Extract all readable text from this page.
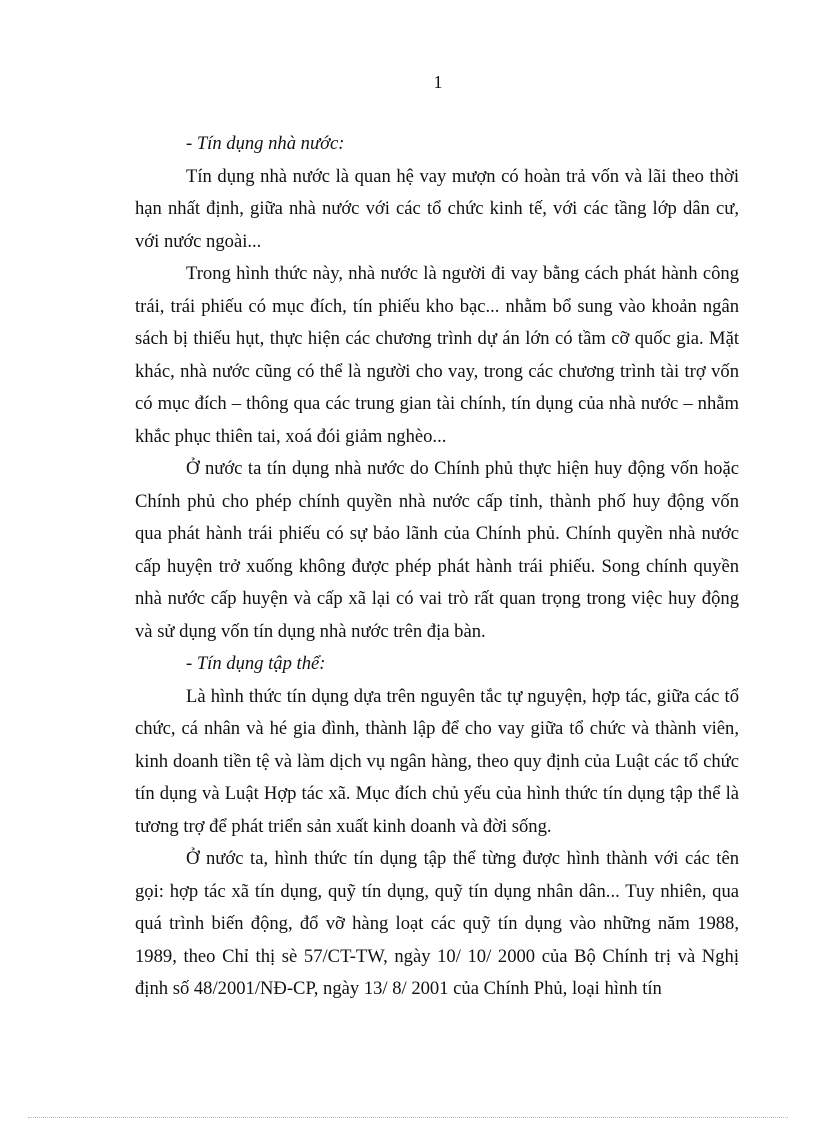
1

- Tín dụng nhà nước:

Tín dụng nhà nước là quan hệ vay mượn có hoàn trả vốn và lãi theo thời hạn nhất định, giữa nhà nước với các tổ chức kinh tế, với các tầng lớp dân cư, với nước ngoài...

Trong hình thức này, nhà nước là người đi vay bằng cách phát hành công trái, trái phiếu có mục đích, tín phiếu kho bạc... nhằm bổ sung vào khoản ngân sách bị thiếu hụt, thực hiện các chương trình dự án lớn có tầm cỡ quốc gia. Mặt khác, nhà nước cũng có thể là người cho vay, trong các chương trình tài trợ vốn có mục đích – thông qua các trung gian tài chính, tín dụng của nhà nước – nhằm khắc phục thiên tai, xoá đói giảm nghèo...

Ở nước ta tín dụng nhà nước do Chính phủ thực hiện huy động vốn hoặc Chính phủ cho phép chính quyền nhà nước cấp tỉnh, thành phố huy động vốn qua phát hành trái phiếu có sự bảo lãnh của Chính phủ. Chính quyền nhà nước cấp huyện trở xuống không được phép phát hành trái phiếu. Song chính quyền nhà nước cấp huyện và cấp xã lại có vai trò rất quan trọng trong việc huy động và sử dụng vốn tín dụng nhà nước trên địa bàn.

- Tín dụng tập thể:

Là hình thức tín dụng dựa trên nguyên tắc tự nguyện, hợp tác, giữa các tổ chức, cá nhân và hé gia đình, thành lập để cho vay giữa tổ chức và thành viên, kinh doanh tiền tệ và làm dịch vụ ngân hàng, theo quy định của Luật các tổ chức tín dụng và Luật Hợp tác xã. Mục đích chủ yếu của hình thức tín dụng tập thể là tương trợ để phát triển sản xuất kinh doanh và đời sống.

Ở nước ta, hình thức tín dụng tập thể từng được hình thành với các tên gọi: hợp tác xã tín dụng, quỹ tín dụng, quỹ tín dụng nhân dân... Tuy nhiên, qua quá trình biến động, đổ vỡ hàng loạt các quỹ tín dụng vào những năm 1988, 1989, theo Chỉ thị sè 57/CT-TW, ngày 10/ 10/ 2000 của Bộ Chính trị và Nghị định số 48/2001/NĐ-CP, ngày 13/ 8/ 2001 của Chính Phủ, loại hình tín
